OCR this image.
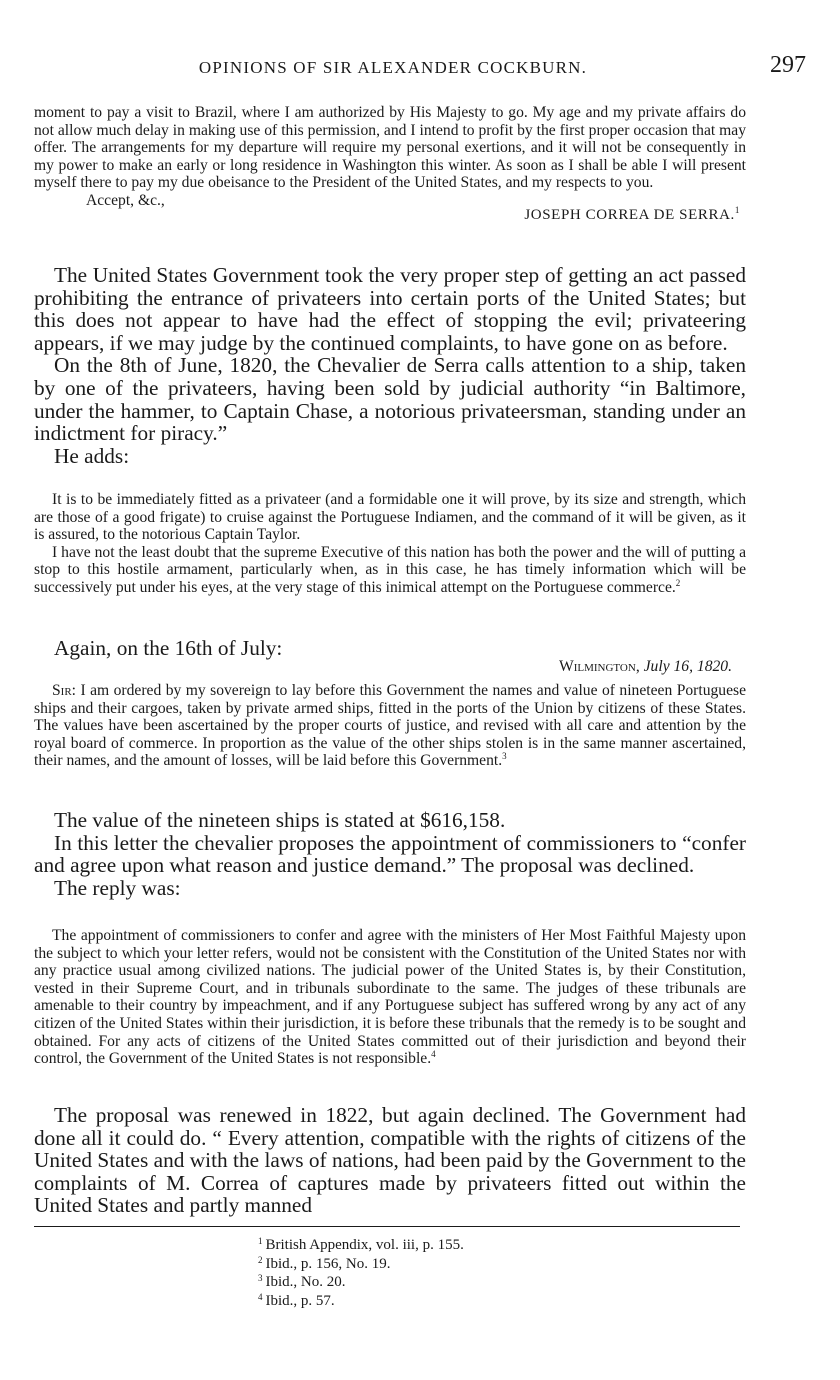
OPINIONS OF SIR ALEXANDER COCKBURN.	297

moment to pay a visit to Brazil, where I am authorized by His Majesty to go. My age and my private affairs do not allow much delay in making use of this permission, and I intend to profit by the first proper occasion that may offer. The arrangements for my departure will require my personal exertions, and it will not be consequently in my power to make an early or long residence in Washington this winter. As soon as I shall be able I will present myself there to pay my due obeisance to the President of the United States, and my respects to you.

Accept, &c.,

JOSEPH CORREA DE SERRA.$^1$

The United States Government took the very proper step of getting an act passed prohibiting the entrance of privateers into certain ports of the United States; but this does not appear to have had the effect of stopping the evil; privateering appears, if we may judge by the continued complaints, to have gone on as before.

On the 8th of June, 1820, the Chevalier de Serra calls attention to a ship, taken by one of the privateers, having been sold by judicial authority “in Baltimore, under the hammer, to Captain Chase, a notorious privateersman, standing under an indictment for piracy.”

He adds:

It is to be immediately fitted as a privateer (and a formidable one it will prove, by its size and strength, which are those of a good frigate) to cruise against the Portuguese Indiamen, and the command of it will be given, as it is assured, to the notorious Captain Taylor.

I have not the least doubt that the supreme Executive of this nation has both the power and the will of putting a stop to this hostile armament, particularly when, as in this case, he has timely information which will be successively put under his eyes, at the very stage of this inimical attempt on the Portuguese commerce.$^2$

Again, on the 16th of July:

Wilmington, July 16, 1820.

Sir: I am ordered by my sovereign to lay before this Government the names and value of nineteen Portuguese ships and their cargoes, taken by private armed ships, fitted in the ports of the Union by citizens of these States. The values have been ascertained by the proper courts of justice, and revised with all care and attention by the royal board of commerce. In proportion as the value of the other ships stolen is in the same manner ascertained, their names, and the amount of losses, will be laid before this Government.$^3$

The value of the nineteen ships is stated at $616,158.

In this letter the chevalier proposes the appointment of commissioners to “confer and agree upon what reason and justice demand.” The proposal was declined.

The reply was:

The appointment of commissioners to confer and agree with the ministers of Her Most Faithful Majesty upon the subject to which your letter refers, would not be consistent with the Constitution of the United States nor with any practice usual among civilized nations. The judicial power of the United States is, by their Constitution, vested in their Supreme Court, and in tribunals subordinate to the same. The judges of these tribunals are amenable to their country by impeachment, and if any Portuguese subject has suffered wrong by any act of any citizen of the United States within their jurisdiction, it is before these tribunals that the remedy is to be sought and obtained. For any acts of citizens of the United States committed out of their jurisdiction and beyond their control, the Government of the United States is not responsible.$^4$

The proposal was renewed in 1822, but again declined. The Government had done all it could do. “ Every attention, compatible with the rights of citizens of the United States and with the laws of nations, had been paid by the Government to the complaints of M. Correa of captures made by privateers fitted out within the United States and partly manned

$^1$ British Appendix, vol. iii, p. 155.
$^2$ Ibid., p. 156, No. 19.
$^3$ Ibid., No. 20.
$^4$ Ibid., p. 57.
